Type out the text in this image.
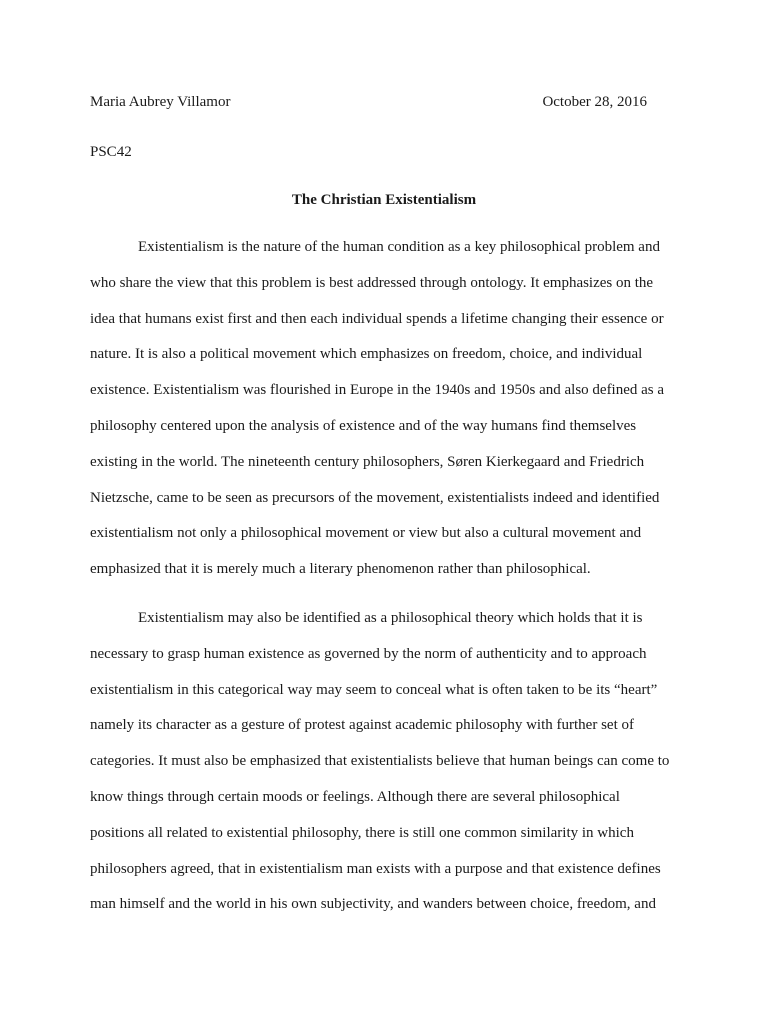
Maria Aubrey Villamor	October 28, 2016
PSC42
The Christian Existentialism
Existentialism is the nature of the human condition as a key philosophical problem and
who share the view that this problem is best addressed through ontology. It emphasizes on the
idea that humans exist first and then each individual spends a lifetime changing their essence or
nature. It is also a political movement which emphasizes on freedom, choice, and individual
existence. Existentialism was flourished in Europe in the 1940s and 1950s and also defined as a
philosophy centered upon the analysis of existence and of the way humans find themselves
existing in the world. The nineteenth century philosophers, Søren Kierkegaard and Friedrich
Nietzsche, came to be seen as precursors of the movement, existentialists indeed and identified
existentialism not only a philosophical movement or view but also a cultural movement and
emphasized that it is merely much a literary phenomenon rather than philosophical.
Existentialism may also be identified as a philosophical theory which holds that it is
necessary to grasp human existence as governed by the norm of authenticity and to approach
existentialism in this categorical way may seem to conceal what is often taken to be its “heart”
namely its character as a gesture of protest against academic philosophy with further set of
categories. It must also be emphasized that existentialists believe that human beings can come to
know things through certain moods or feelings. Although there are several philosophical
positions all related to existential philosophy, there is still one common similarity in which
philosophers agreed, that in existentialism man exists with a purpose and that existence defines
man himself and the world in his own subjectivity, and wanders between choice, freedom, and
